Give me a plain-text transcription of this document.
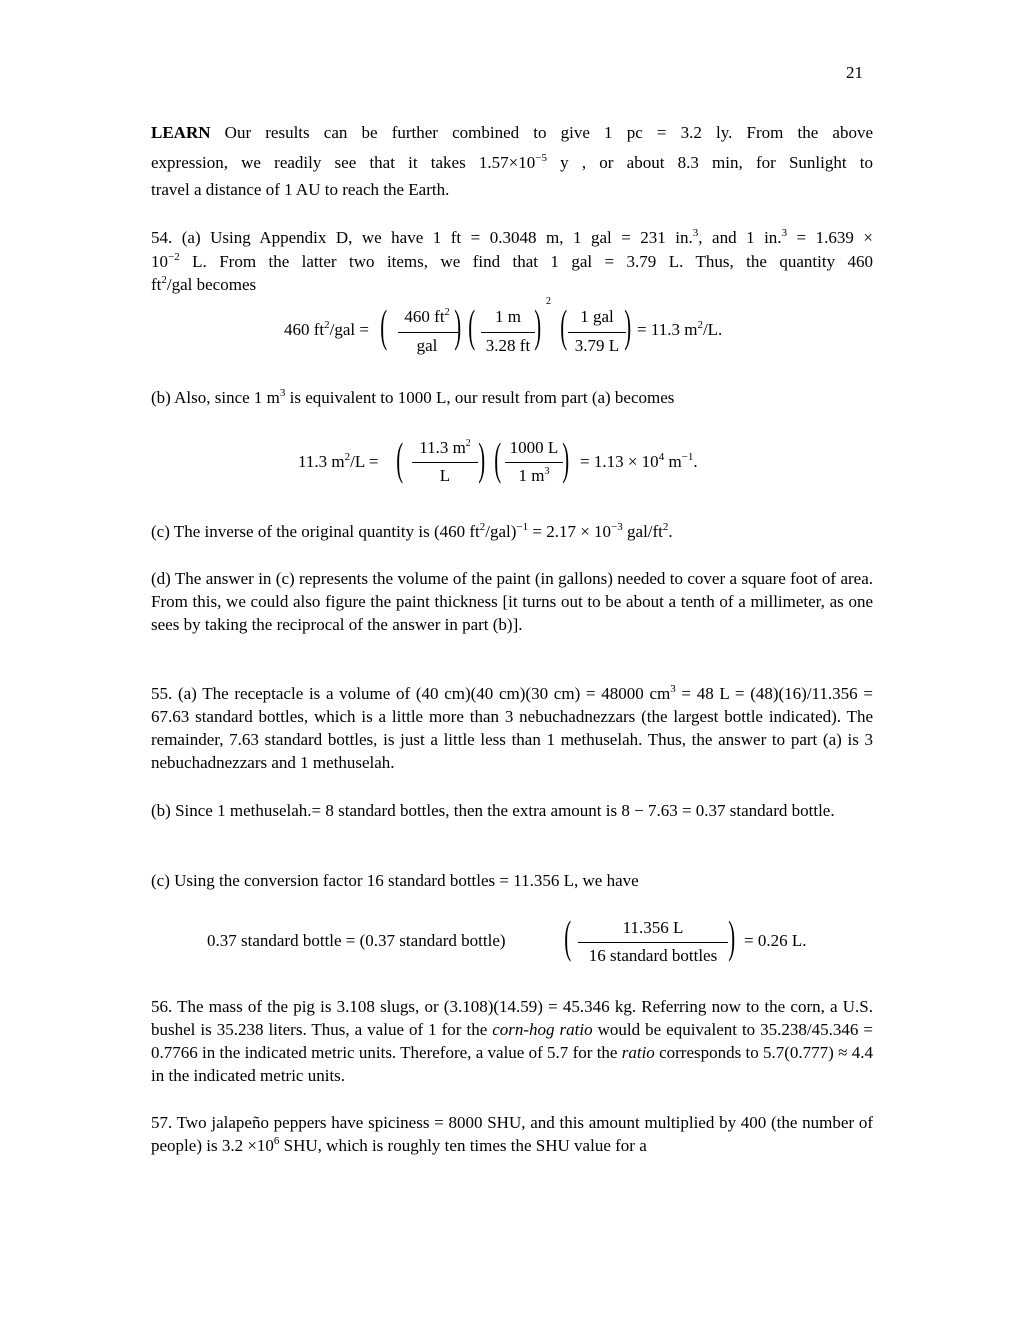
21
LEARN Our results can be further combined to give 1 pc = 3.2 ly. From the above
expression, we readily see that it takes $1.57\times 10^{-5}$ y , or about 8.3 min, for Sunlight to
travel a distance of 1 AU to reach the Earth.
54. (a) Using Appendix D, we have 1 ft = 0.3048 m, 1 gal = 231 in.$^3$, and 1 in.$^3$ = 1.639 ×
$10^{-2}$ L. From the latter two items, we find that 1 gal = 3.79 L. Thus, the quantity 460
$ft^2$/gal becomes
460 $ft^2$/gal = (	460 $ft^2$
gal ) (	1 m
3.28 ft ) 2 ( 1 gal
3.79 L ) = 11.3 $m^2/L$.
(b) Also, since 1 $m^3$ is equivalent to 1000 L, our result from part (a) becomes
11.3 $m^2/L$ = ( 11.3 $m^2$
L ) ( 1000 L
1 $m^3$ ) = $1.13 \times 10^4$ $m^{-1}$.
(c) The inverse of the original quantity is (460 $ft^2/gal)^{-1} = 2.17 \times 10^{-3}$ gal/$ft^2$.
(d) The answer in (c) represents the volume of the paint (in gallons) needed to cover a square foot of area. From this, we could also figure the paint thickness [it turns out to be about a tenth of a millimeter, as one sees by taking the reciprocal of the answer in part (b)].
55. (a) The receptacle is a volume of (40 cm)(40 cm)(30 cm) = 48000 $cm^3 = 48$ L = (48)(16)/11.356 = 67.63 standard bottles, which is a little more than 3 nebuchadnezzars (the largest bottle indicated). The remainder, 7.63 standard bottles, is just a little less than 1 methuselah. Thus, the answer to part (a) is 3 nebuchadnezzars and 1 methuselah.
(b) Since 1 methuselah.= 8 standard bottles, then the extra amount is 8 − 7.63 = 0.37 standard bottle.
(c) Using the conversion factor 16 standard bottles = 11.356 L, we have
0.37 standard bottle = (0.37 standard bottle) (	11.356 L
16 standard bottles ) = 0.26 L.
56. The mass of the pig is 3.108 slugs, or (3.108)(14.59) = 45.346 kg. Referring now to the corn, a U.S. bushel is 35.238 liters. Thus, a value of 1 for the corn-hog ratio would be equivalent to 35.238/45.346 = 0.7766 in the indicated metric units. Therefore, a value of 5.7 for the ratio corresponds to 5.7(0.777) ≈ 4.4 in the indicated metric units.
57. Two jalapeño peppers have spiciness = 8000 SHU, and this amount multiplied by 400 (the number of people) is $3.2 \times 10^6$ SHU, which is roughly ten times the SHU value for a
